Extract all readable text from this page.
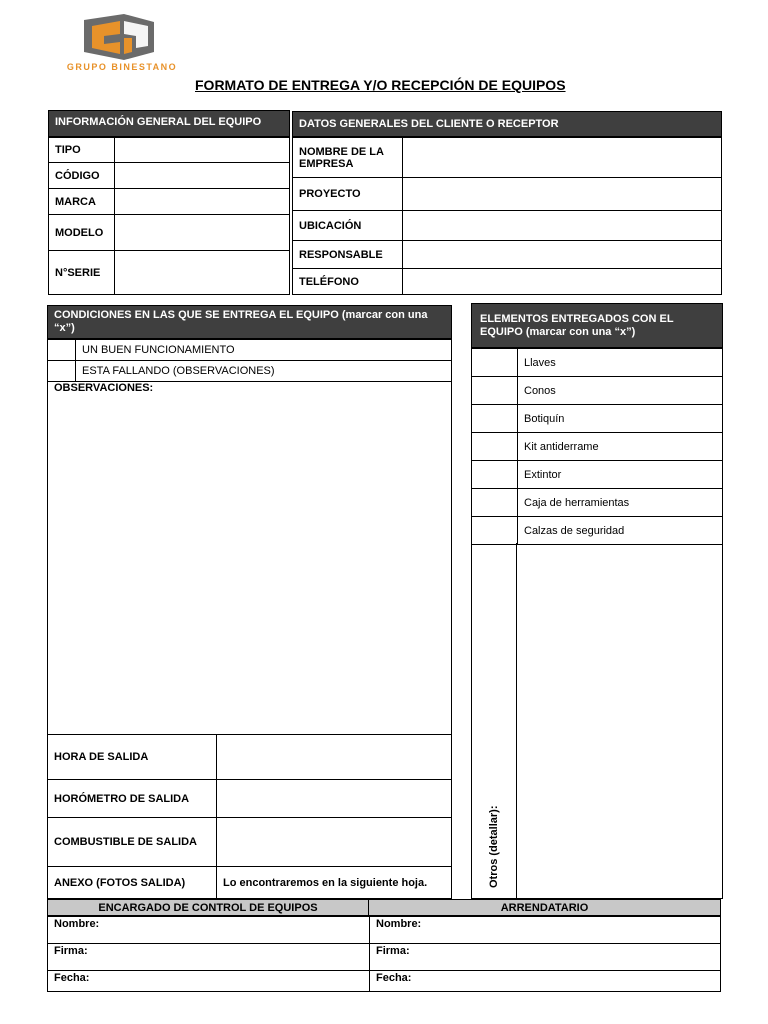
GRUPO BINESTANO
FORMATO DE ENTREGA Y/O RECEPCIÓN DE EQUIPOS
INFORMACIÓN GENERAL DEL EQUIPO
TIPO	
CÓDIGO	
MARCA	
MODELO	
N°SERIE	
DATOS GENERALES DEL CLIENTE O RECEPTOR
NOMBRE DE LA EMPRESA	
PROYECTO	
UBICACIÓN	
RESPONSABLE	
TELÉFONO	
CONDICIONES EN LAS QUE SE ENTREGA EL EQUIPO (marcar con una “x”)
	UN BUEN FUNCIONAMIENTO
	ESTA FALLANDO (OBSERVACIONES)
OBSERVACIONES:
HORA DE SALIDA	
HORÓMETRO DE SALIDA	
COMBUSTIBLE DE SALIDA	
ANEXO (FOTOS SALIDA)	Lo encontraremos en la siguiente hoja.
ELEMENTOS ENTREGADOS CON EL EQUIPO (marcar con una “x”)
	Llaves
	Conos
	Botiquín
	Kit antiderrame
	Extintor
	Caja de herramientas
	Calzas de seguridad
Otros (detallar):
ENCARGADO DE CONTROL DE EQUIPOS	ARRENDATARIO
Nombre:	Nombre:
Firma:	Firma:
Fecha:	Fecha:
